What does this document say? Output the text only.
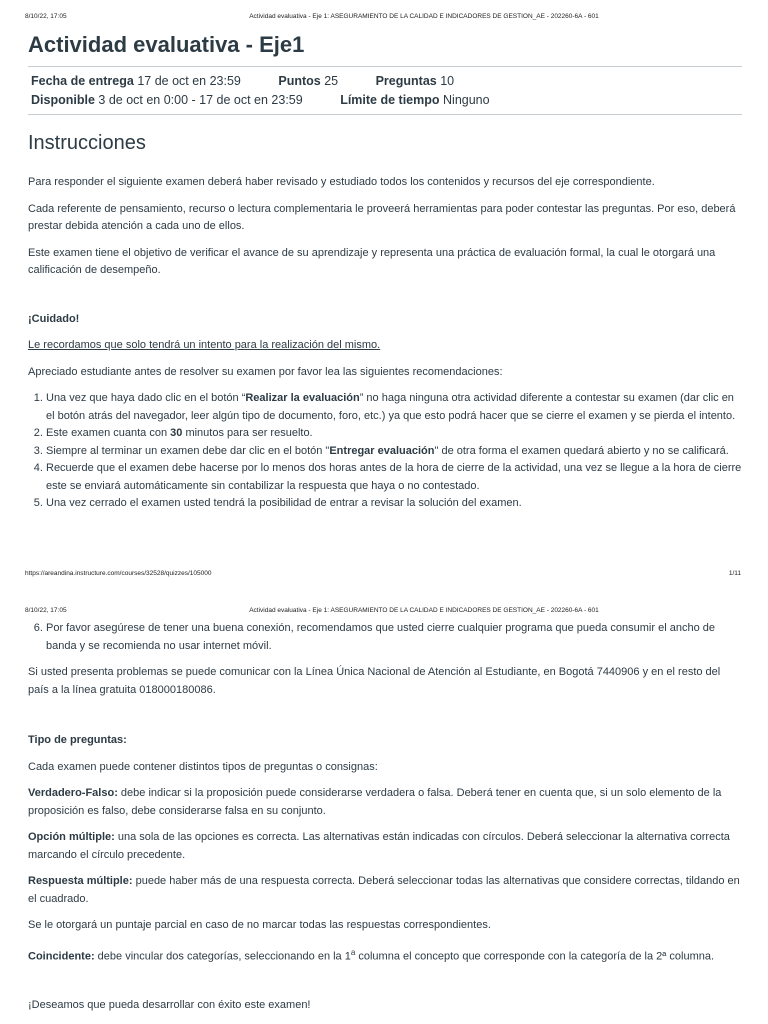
8/10/22, 17:05	Actividad evaluativa - Eje 1: ASEGURAMIENTO DE LA CALIDAD E INDICADORES DE GESTION_AE - 202260-6A - 601
Actividad evaluativa - Eje1
Fecha de entrega 17 de oct en 23:59	Puntos 25	Preguntas 10
Disponible 3 de oct en 0:00 - 17 de oct en 23:59	Límite de tiempo Ninguno
Instrucciones

Para responder el siguiente examen deberá haber revisado y estudiado todos los contenidos y recursos del eje correspondiente.

Cada referente de pensamiento, recurso o lectura complementaria le proveerá herramientas para poder contestar las preguntas. Por eso, deberá prestar debida atención a cada uno de ellos.

Este examen tiene el objetivo de verificar el avance de su aprendizaje y representa una práctica de evaluación formal, la cual le otorgará una calificación de desempeño.

¡Cuidado!

Le recordamos que solo tendrá un intento para la realización del mismo.

Apreciado estudiante antes de resolver su examen por favor lea las siguientes recomendaciones:

1. Una vez que haya dado clic en el botón “Realizar la evaluación” no haga ninguna otra actividad diferente a contestar su examen (dar clic en el botón atrás del navegador, leer algún tipo de documento, foro, etc.) ya que esto podrá hacer que se cierre el examen y se pierda el intento.
2. Este examen cuanta con 30 minutos para ser resuelto.
3. Siempre al terminar un examen debe dar clic en el botón "Entregar evaluación" de otra forma el examen quedará abierto y no se calificará.
4. Recuerde que el examen debe hacerse por lo menos dos horas antes de la hora de cierre de la actividad, una vez se llegue a la hora de cierre este se enviará automáticamente sin contabilizar la respuesta que haya o no contestado.
5. Una vez cerrado el examen usted tendrá la posibilidad de entrar a revisar la solución del examen.
https://areandina.instructure.com/courses/32528/quizzes/105000	1/11
8/10/22, 17:05	Actividad evaluativa - Eje 1: ASEGURAMIENTO DE LA CALIDAD E INDICADORES DE GESTION_AE - 202260-6A - 601
6. Por favor asegúrese de tener una buena conexión, recomendamos que usted cierre cualquier programa que pueda consumir el ancho de banda y se recomienda no usar internet móvil.

Si usted presenta problemas se puede comunicar con la Línea Única Nacional de Atención al Estudiante, en Bogotá 7440906 y en el resto del país a la línea gratuita 018000180086.

Tipo de preguntas:

Cada examen puede contener distintos tipos de preguntas o consignas:

Verdadero-Falso: debe indicar si la proposición puede considerarse verdadera o falsa. Deberá tener en cuenta que, si un solo elemento de la proposición es falso, debe considerarse falsa en su conjunto.

Opción múltiple: una sola de las opciones es correcta. Las alternativas están indicadas con círculos. Deberá seleccionar la alternativa correcta marcando el círculo precedente.

Respuesta múltiple: puede haber más de una respuesta correcta. Deberá seleccionar todas las alternativas que considere correctas, tildando en el cuadrado.

Se le otorgará un puntaje parcial en caso de no marcar todas las respuestas correspondientes.

Coincidente: debe vincular dos categorías, seleccionando en la 1$^a$ columna el concepto que corresponde con la categoría de la 2ª columna.

¡Deseamos que pueda desarrollar con éxito este examen!
